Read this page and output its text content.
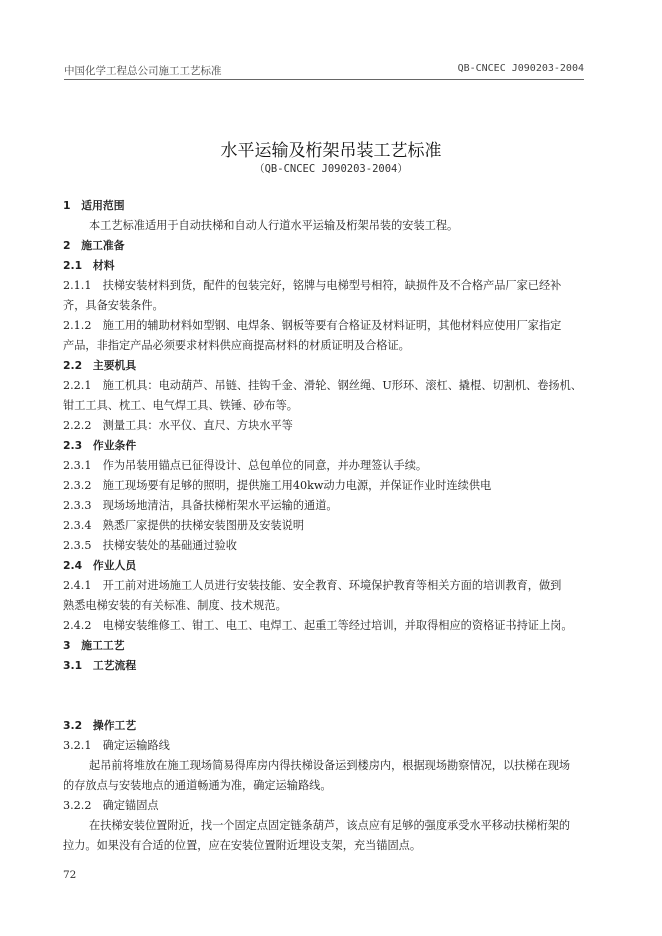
中国化学工程总公司施工工艺标准	QB-CNCEC J090203-2004
水平运输及桁架吊装工艺标准
（QB-CNCEC J090203-2004）
1　适用范围
本工艺标准适用于自动扶梯和自动人行道水平运输及桁架吊装的安装工程。
2　施工准备
2.1　材料
2.1.1　扶梯安装材料到货，配件的包装完好，铭牌与电梯型号相符，缺损件及不合格产品厂家已经补
齐，具备安装条件。
2.1.2　施工用的辅助材料如型钢、电焊条、钢板等要有合格证及材料证明，其他材料应使用厂家指定
产品，非指定产品必须要求材料供应商提高材料的材质证明及合格证。
2.2　主要机具
2.2.1　施工机具：电动葫芦、吊链、挂钩千金、滑轮、钢丝绳、U形环、滚杠、撬棍、切割机、卷扬机、
钳工工具、枕工、电气焊工具、铁锤、砂布等。
2.2.2　测量工具：水平仪、直尺、方块水平等
2.3　作业条件
2.3.1　作为吊装用锚点已征得设计、总包单位的同意，并办理签认手续。
2.3.2　施工现场要有足够的照明，提供施工用40kw动力电源，并保证作业时连续供电
2.3.3　现场场地清洁，具备扶梯桁架水平运输的通道。
2.3.4　熟悉厂家提供的扶梯安装图册及安装说明
2.3.5　扶梯安装处的基础通过验收
2.4　作业人员
2.4.1　开工前对进场施工人员进行安装技能、安全教育、环境保护教育等相关方面的培训教育，做到
熟悉电梯安装的有关标准、制度、技术规范。
2.4.2　电梯安装维修工、钳工、电工、电焊工、起重工等经过培训，并取得相应的资格证书持证上岗。
3　施工工艺
3.1　工艺流程
3.2　操作工艺
3.2.1　确定运输路线
起吊前将堆放在施工现场简易得库房内得扶梯设备运到楼房内，根据现场勘察情况，以扶梯在现场
的存放点与安装地点的通道畅通为准，确定运输路线。
3.2.2　确定锚固点
在扶梯安装位置附近，找一个固定点固定链条葫芦，该点应有足够的强度承受水平移动扶梯桁架的
拉力。如果没有合适的位置，应在安装位置附近埋设支架，充当锚固点。
72
